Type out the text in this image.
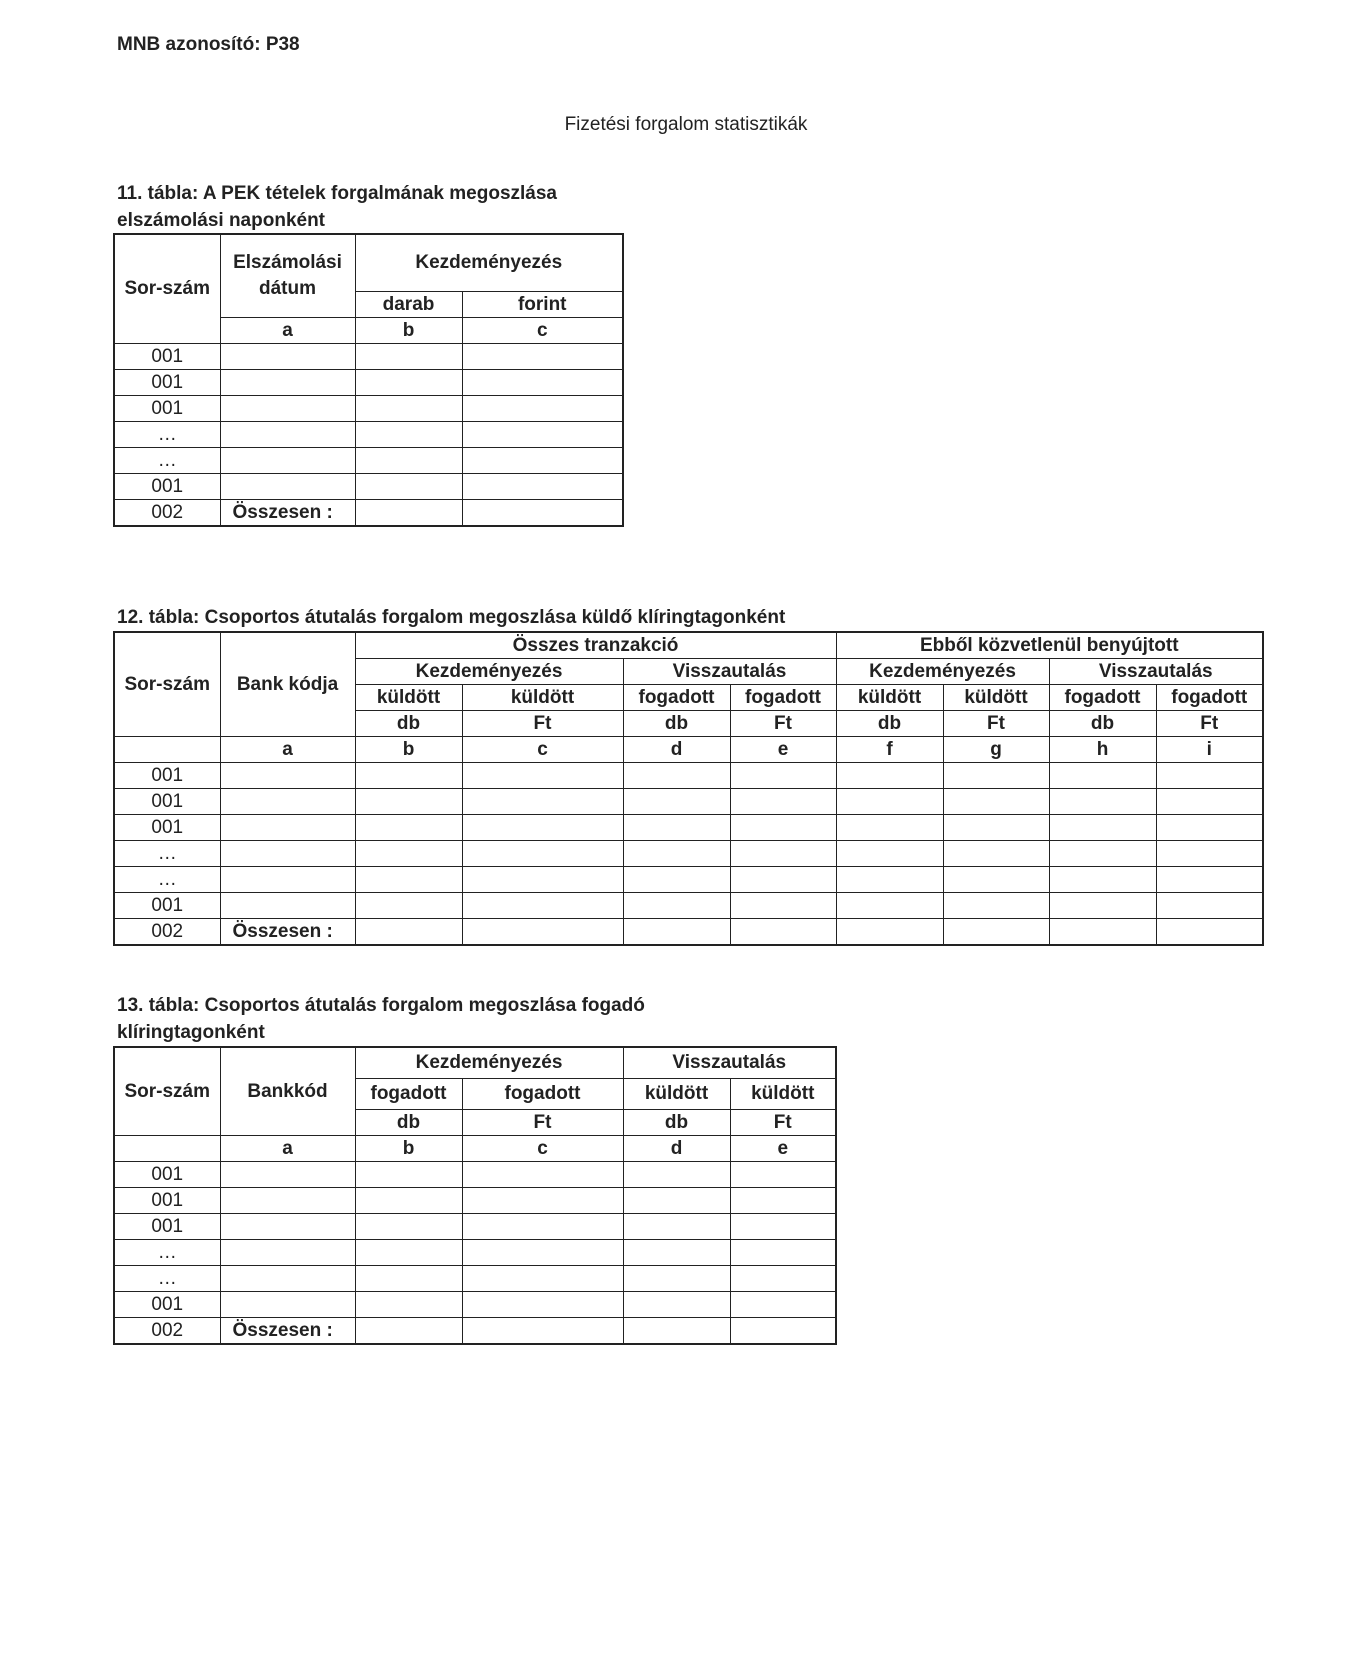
MNB azonosító: P38
Fizetési forgalom statisztikák
11. tábla: A PEK tételek forgalmának megoszlása elszámolási naponként
Sor-szám	Elszámolási dátum	Kezdeményezés	
		darab	forint
	a	b	c
001			
001			
001			
…			
…			
001			
002	Összesen :		
12. tábla: Csoportos átutalás forgalom megoszlása küldő klíringtagonként
Sor-szám	Bank kódja	Összes tranzakció				Ebből közvetlenül benyújtott			
		Kezdeményezés		Visszautalás		Kezdeményezés		Visszautalás	
		küldött	küldött	fogadott	fogadott	küldött	küldött	fogadott	fogadott
		db	Ft	db	Ft	db	Ft	db	Ft
	a	b	c	d	e	f	g	h	i
001									
001									
001									
…									
…									
001									
002	Összesen :								
13. tábla: Csoportos átutalás forgalom megoszlása fogadó klíringtagonként
Sor-szám	Bankkód	Kezdeményezés		Visszautalás	
		fogadott	fogadott	küldött	küldött
		db	Ft	db	Ft
	a	b	c	d	e
001					
001					
001					
…					
…					
001					
002	Összesen :				
